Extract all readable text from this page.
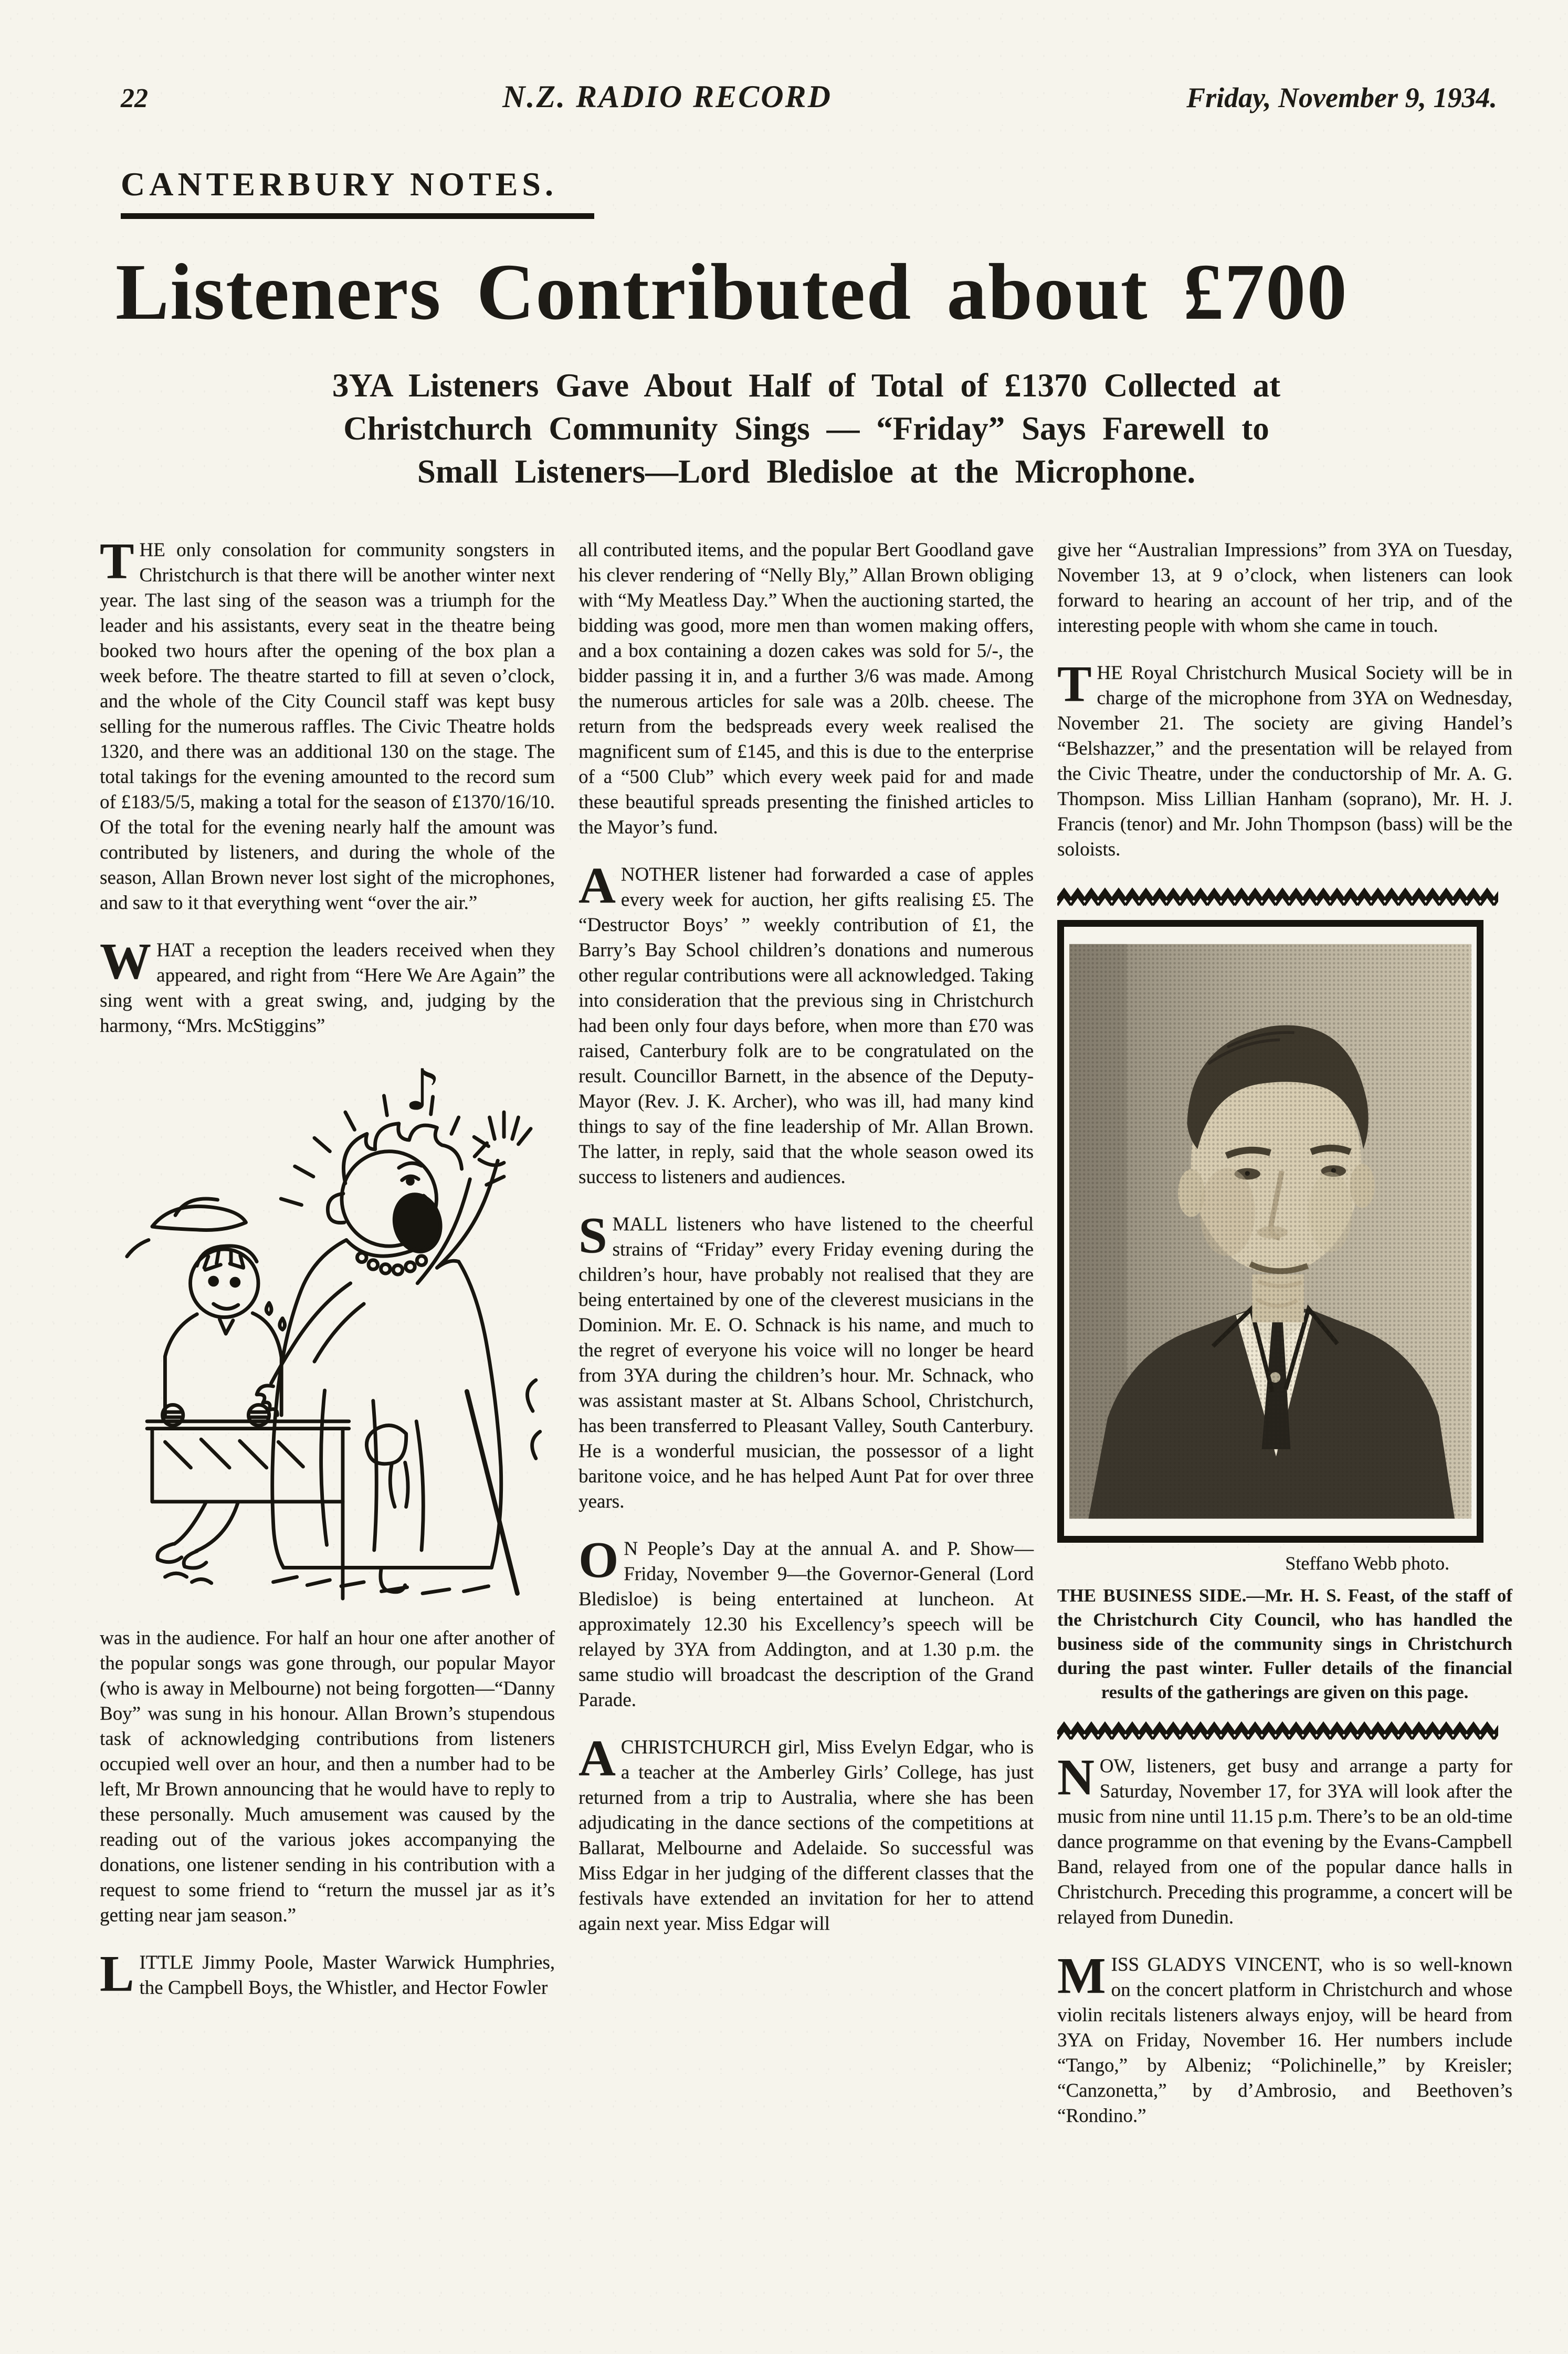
22	N.Z. RADIO RECORD	Friday, November 9, 1934.
CANTERBURY NOTES.
Listeners Contributed about £700
3YA Listeners Gave About Half of Total of £1370 Collected at
Christchurch Community Sings — “Friday” Says Farewell to
Small Listeners—Lord Bledisloe at the Microphone.

THE only consolation for community songsters in Christchurch is that there will be another winter next year. The last sing of the season was a triumph for the leader and his assistants, every seat in the theatre being booked two hours after the opening of the box plan a week before. The theatre started to fill at seven o’clock, and the whole of the City Council staff was kept busy selling for the numerous raffles. The Civic Theatre holds 1320, and there was an additional 130 on the stage. The total takings for the evening amounted to the record sum of £183/5/5, making a total for the season of £1370/16/10. Of the total for the evening nearly half the amount was contributed by listeners, and during the whole of the season, Allan Brown never lost sight of the microphones, and saw to it that everything went “over the air.”

WHAT a reception the leaders received when they appeared, and right from “Here We Are Again” the sing went with a great swing, and, judging by the harmony, “Mrs. McStiggins”

♪

was in the audience. For half an hour one after another of the popular songs was gone through, our popular Mayor (who is away in Melbourne) not being forgotten—“Danny Boy” was sung in his honour. Allan Brown’s stupendous task of acknowledging contributions from listeners occupied well over an hour, and then a number had to be left, Mr Brown announcing that he would have to reply to these personally. Much amusement was caused by the reading out of the various jokes accompanying the donations, one listener sending in his contribution with a request to some friend to “return the mussel jar as it’s getting near jam season.”

LITTLE Jimmy Poole, Master Warwick Humphries, the Campbell Boys, the Whistler, and Hector Fowler

all contributed items, and the popular Bert Goodland gave his clever rendering of “Nelly Bly,” Allan Brown obliging with “My Meatless Day.” When the auctioning started, the bidding was good, more men than women making offers, and a box containing a dozen cakes was sold for 5/-, the bidder passing it in, and a further 3/6 was made. Among the numerous articles for sale was a 20lb. cheese. The return from the bedspreads every week realised the magnificent sum of £145, and this is due to the enterprise of a “500 Club” which every week paid for and made these beautiful spreads presenting the finished articles to the Mayor’s fund.

ANOTHER listener had forwarded a case of apples every week for auction, her gifts realising £5. The “Destructor Boys’ ” weekly contribution of £1, the Barry’s Bay School children’s donations and numerous other regular contributions were all acknowledged. Taking into consideration that the previous sing in Christchurch had been only four days before, when more than £70 was raised, Canterbury folk are to be congratulated on the result. Councillor Barnett, in the absence of the Deputy-Mayor (Rev. J. K. Archer), who was ill, had many kind things to say of the fine leadership of Mr. Allan Brown. The latter, in reply, said that the whole season owed its success to listeners and audiences.

SMALL listeners who have listened to the cheerful strains of “Friday” every Friday evening during the children’s hour, have probably not realised that they are being entertained by one of the cleverest musicians in the Dominion. Mr. E. O. Schnack is his name, and much to the regret of everyone his voice will no longer be heard from 3YA during the children’s hour. Mr. Schnack, who was assistant master at St. Albans School, Christchurch, has been transferred to Pleasant Valley, South Canterbury. He is a wonderful musician, the possessor of a light baritone voice, and he has helped Aunt Pat for over three years.

O N People’s Day at the annual A. and P. Show—Friday, November 9—the Governor-General (Lord Bledisloe) is being entertained at luncheon. At approximately 12.30 his Excellency’s speech will be relayed by 3YA from Addington, and at 1.30 p.m. the same studio will broadcast the description of the Grand Parade.

A CHRISTCHURCH girl, Miss Evelyn Edgar, who is a teacher at the Amberley Girls’ College, has just returned from a trip to Australia, where she has been adjudicating in the dance sections of the competitions at Ballarat, Melbourne and Adelaide. So successful was Miss Edgar in her judging of the different classes that the festivals have extended an invitation for her to attend again next year. Miss Edgar will

give her “Australian Impressions” from 3YA on Tuesday, November 13, at 9 o’clock, when listeners can look forward to hearing an account of her trip, and of the interesting people with whom she came in touch.

THE Royal Christchurch Musical Society will be in charge of the microphone from 3YA on Wednesday, November 21. The society are giving Handel’s “Belshazzer,” and the presentation will be relayed from the Civic Theatre, under the conductorship of Mr. A. G. Thompson. Miss Lillian Hanham (soprano), Mr. H. J. Francis (tenor) and Mr. John Thompson (bass) will be the soloists.

Steffano Webb photo.

THE BUSINESS SIDE.—Mr. H. S. Feast, of the staff of the Christchurch City Council, who has handled the business side of the community sings in Christchurch during the past winter. Fuller details of the financial results of the gatherings are given on this page.

NOW, listeners, get busy and arrange a party for Saturday, November 17, for 3YA will look after the music from nine until 11.15 p.m. There’s to be an old-time dance programme on that evening by the Evans-Campbell Band, relayed from one of the popular dance halls in Christchurch. Preceding this programme, a concert will be relayed from Dunedin.

MISS GLADYS VINCENT, who is so well-known on the concert platform in Christchurch and whose violin recitals listeners always enjoy, will be heard from 3YA on Friday, November 16. Her numbers include “Tango,” by Albeniz; “Polichinelle,” by Kreisler; “Canzonetta,” by d’Ambrosio, and Beethoven’s “Rondino.”
